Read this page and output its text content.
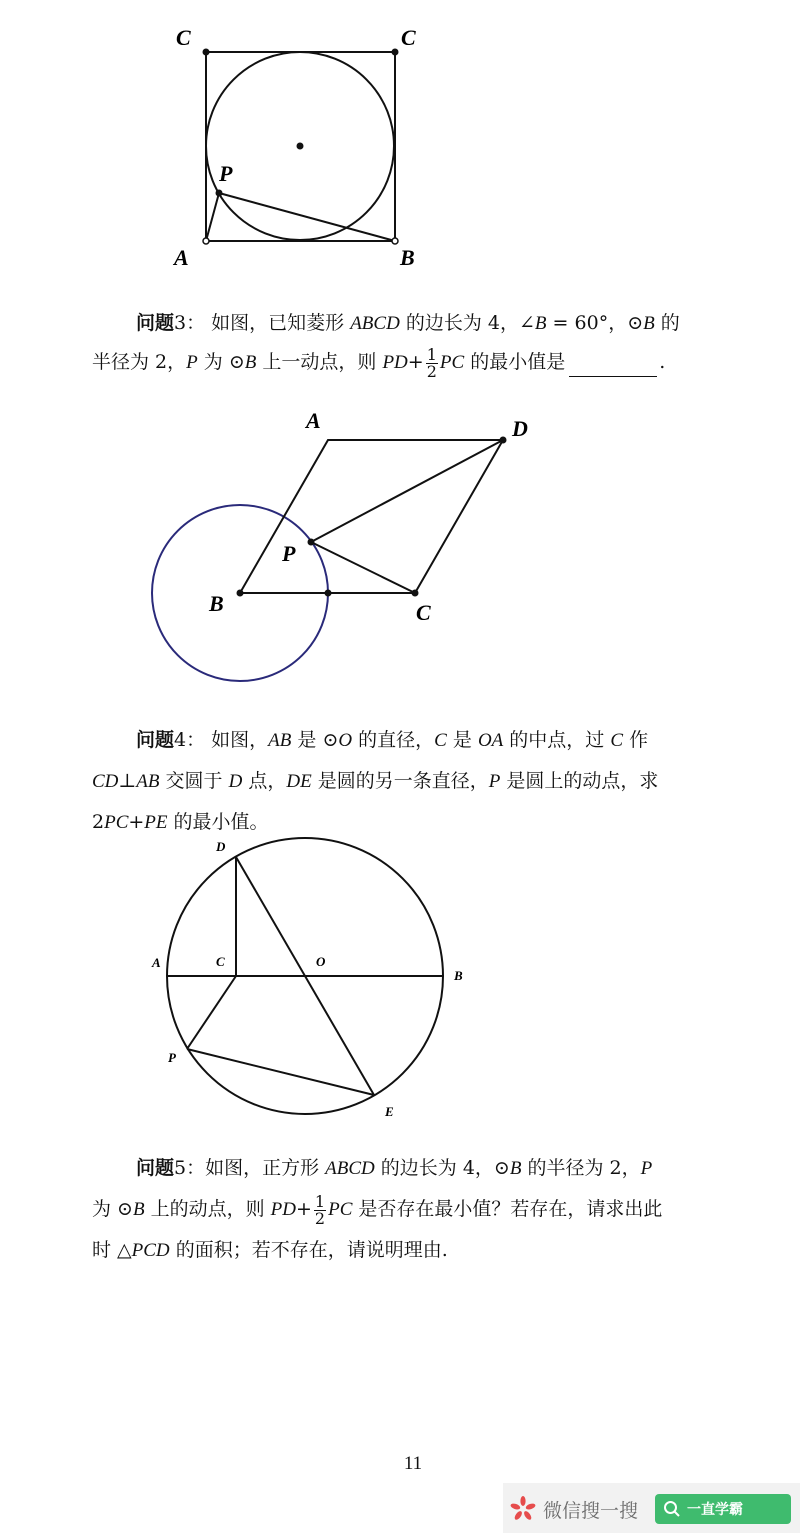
C	C
P
A	B
问题3： 如图，已知菱形 ABCD 的边长为 4，∠B = 60°，⊙B 的
半径为 2，P 为 ⊙B 上一动点，则 $PD+ \frac{1}{2}$ PC 的最小值是	.
A	D
P
B	C
问题4： 如图，AB 是 ⊙O 的直径，C 是 OA 的中点，过 C 作
CD⊥AB 交圆于 D 点，DE 是圆的另一条直径，P 是圆上的动点，求
2PC+PE 的最小值。
D
A	C	O
B
P
E
问题5：如图，正方形 ABCD 的边长为 4，⊙B 的半径为 2，P
为 ⊙B 上的动点，则 $PD+ \frac{1}{2}$ PC 是否存在最小值？若存在，请求出此
时 △PCD 的面积；若不存在，请说明理由.
11
微信搜一搜	一直学霸
